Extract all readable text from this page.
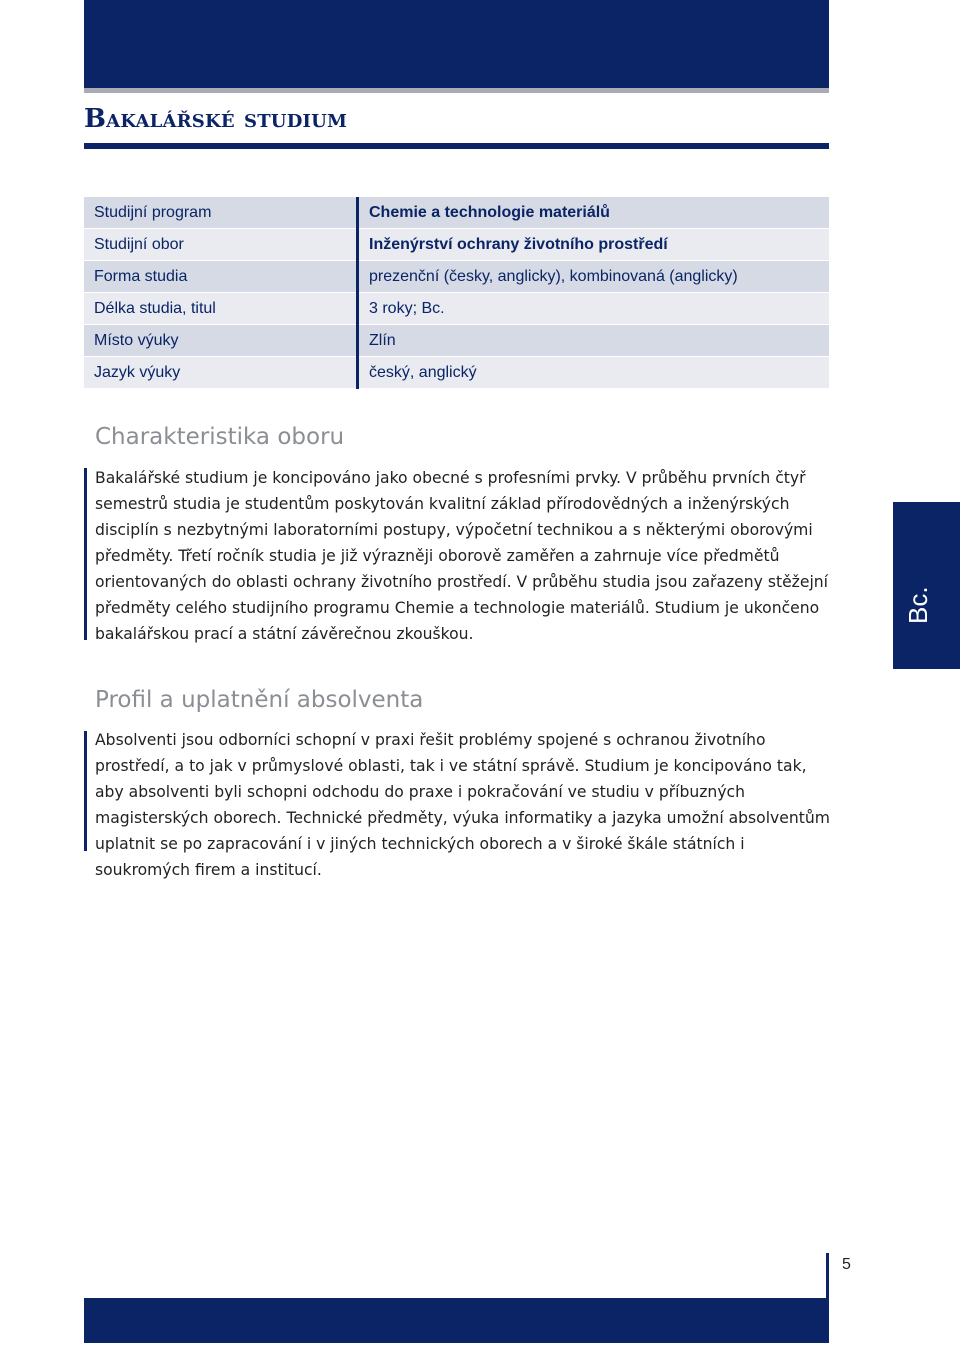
Bakalářské studium
Studijní program	Chemie a technologie materiálů
Studijní obor	Inženýrství ochrany životního prostředí
Forma studia	prezenční (česky, anglicky), kombinovaná (anglicky)
Délka studia, titul	3 roky; Bc.
Místo výuky	Zlín
Jazyk výuky	český, anglický
Charakteristika oboru

Bakalářské studium je koncipováno jako obecné s profesními prvky. V průběhu prvních čtyř semestrů studia je studentům poskytován kvalitní základ přírodovědných a inženýrských disciplín s nezbytnými laboratorními postupy, výpočetní technikou a s některými oborovými předměty. Třetí ročník studia je již výrazněji oborově zaměřen a zahrnuje více předmětů orientovaných do oblasti ochrany životního prostředí. V průběhu studia jsou zařazeny stěžejní předměty celého studijního programu Chemie a technologie materiálů. Studium je ukončeno bakalářskou prací a státní závěrečnou zkouškou.

Profil a uplatnění absolventa

Absolventi jsou odborníci schopní v praxi řešit problémy spojené s ochranou životního prostředí, a to jak v průmyslové oblasti, tak i ve státní správě. Studium je koncipováno tak, aby absolventi byli schopni odchodu do praxe i pokračování ve studiu v příbuzných magisterských oborech. Technické předměty, výuka informatiky a jazyka umožní absolventům uplatnit se po zapracování i v jiných technických oborech a v široké škále státních i soukromých firem a institucí.

Bc.
5
